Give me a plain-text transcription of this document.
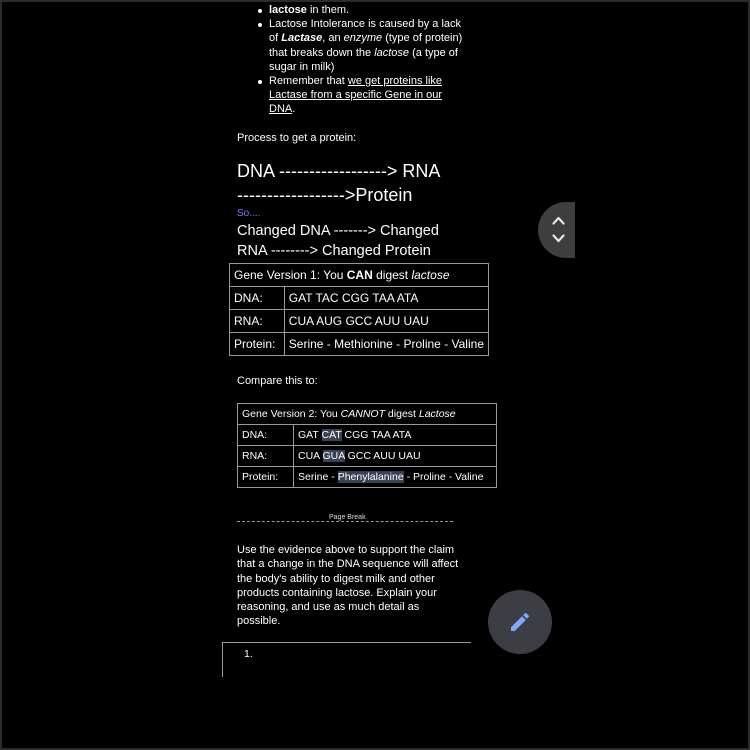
lactose in them.
Lactose Intolerance is caused by a lack of Lactase, an enzyme (type of protein) that breaks down the lactose (a type of sugar in milk)
Remember that we get proteins like Lactase from a specific Gene in our DNA.
Process to get a protein:
DNA ------------------> RNA
------------------>Protein
So....
Changed DNA -------> Changed
RNA --------> Changed Protein
Gene Version 1: You CAN digest lactose	
DNA:	GAT TAC CGG TAA ATA
RNA:	CUA AUG GCC AUU UAU
Protein:	Serine - Methionine - Proline - Valine
Compare this to:
Gene Version 2: You CANNOT digest Lactose	
DNA:	GAT CAT CGG TAA ATA
RNA:	CUA GUA GCC AUU UAU
Protein:	Serine - Phenylalanine - Proline - Valine
Page Break
Use the evidence above to support the claim that a change in the DNA sequence will affect the body's ability to digest milk and other products containing lactose. Explain your reasoning, and use as much detail as possible.
1.
